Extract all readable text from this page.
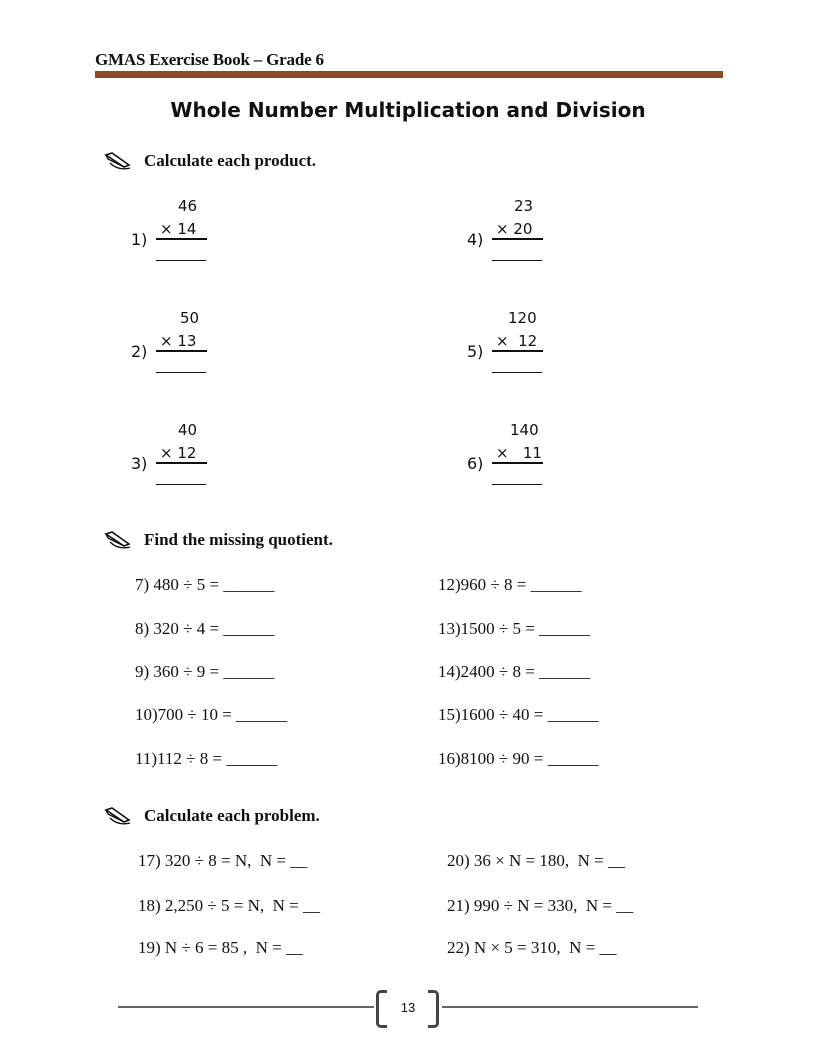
GMAS Exercise Book – Grade 6
Whole Number Multiplication and Division
Calculate each product.
1)
46
× 14
2)
50
× 13
3)
40
× 12
4)
23
× 20
5)
120
×  12
6)
140
×   11
Find the missing quotient.
7) 480 ÷ 5 = ______
8) 320 ÷ 4 = ______
9) 360 ÷ 9 = ______
10)700 ÷ 10 = ______
11)112 ÷ 8 = ______
12)960 ÷ 8 = ______
13)1500 ÷ 5 = ______
14)2400 ÷ 8 = ______
15)1600 ÷ 40 = ______
16)8100 ÷ 90 = ______
Calculate each problem.
17) 320 ÷ 8 = N,  N = __
18) 2,250 ÷ 5 = N,  N = __
19) N ÷ 6 = 85 ,  N = __
20) 36 × N = 180,  N = __
21) 990 ÷ N = 330,  N = __
22) N × 5 = 310,  N = __
13
